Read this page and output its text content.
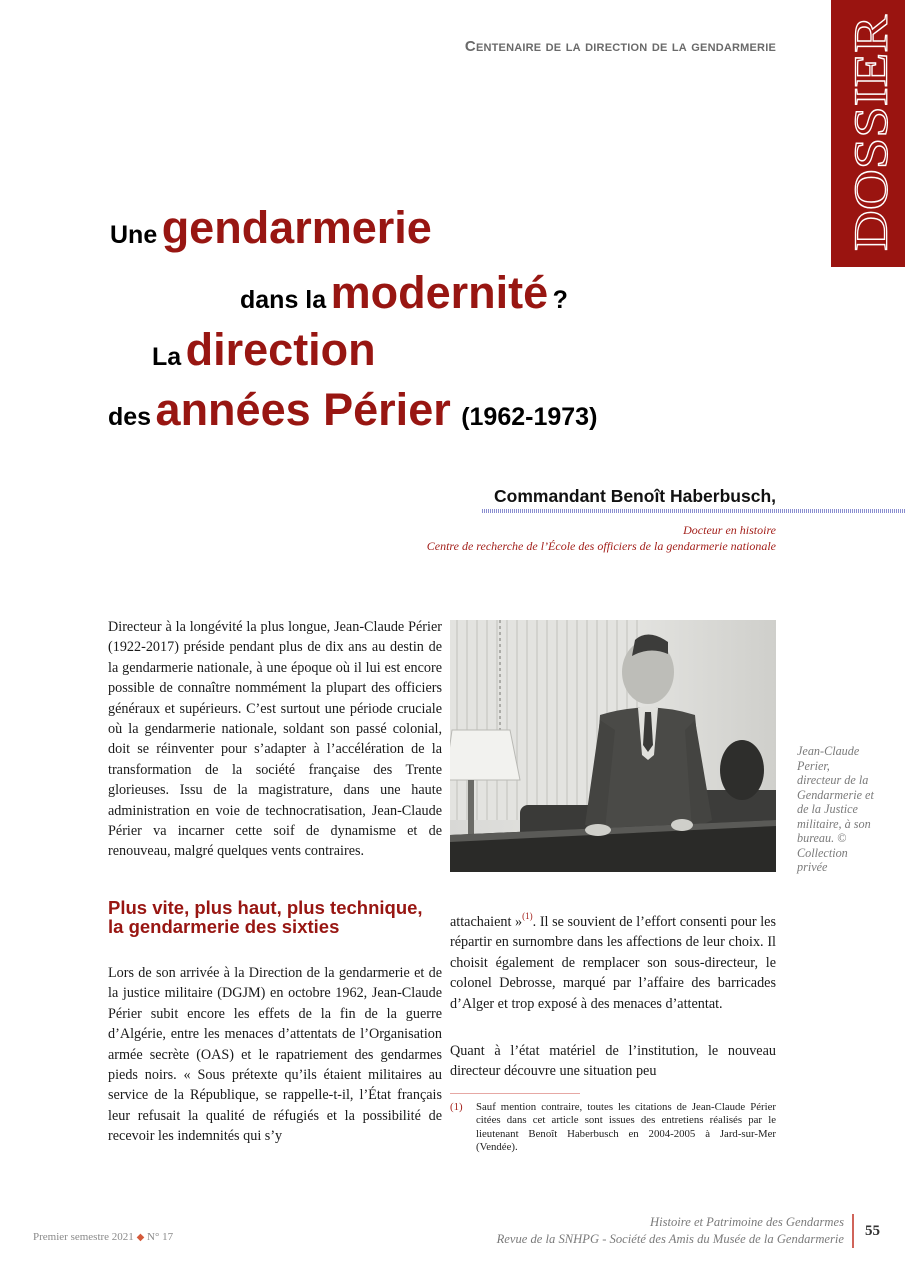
Centenaire de la direction de la gendarmerie
DOSSIER
Une gendarmerie
dans la modernité ?
La direction
des années Périer (1962-1973)
Commandant Benoît Haberbusch,
Docteur en histoire
Centre de recherche de l’École des officiers de la gendarmerie nationale

Directeur à la longévité la plus longue, Jean-Claude Périer (1922-2017) préside pendant plus de dix ans au destin de la gendarmerie nationale, à une époque où il lui est encore possible de connaître nommément la plupart des officiers généraux et supérieurs. C’est surtout une période cruciale où la gendarmerie nationale, soldant son passé colonial, doit se réinventer pour s’adapter à l’accélération de la transformation de la société française des Trente glorieuses. Issu de la magistrature, dans une haute administration en voie de technocratisation, Jean-Claude Périer va incarner cette soif de dynamisme et de renouveau, malgré quelques vents contraires.

Jean-Claude Perier, directeur de la Gendarmerie et de la Justice militaire, à son bureau. © Collection privée
Plus vite, plus haut, plus technique, la gendarmerie des sixties

Lors de son arrivée à la Direction de la gendarmerie et de la justice militaire (DGJM) en octobre 1962, Jean-Claude Périer subit encore les effets de la fin de la guerre d’Algérie, entre les menaces d’attentats de l’Organisation armée secrète (OAS) et le rapatriement des gendarmes pieds noirs. « Sous prétexte qu’ils étaient militaires au service de la République, se rappelle-t-il, l’État français leur refusait la qualité de réfugiés et la possibilité de recevoir les indemnités qui s’y

attachaient »$^{(1)}$. Il se souvient de l’effort consenti pour les répartir en surnombre dans les affections de leur choix. Il choisit également de remplacer son sous-directeur, le colonel Debrosse, marqué par l’affaire des barricades d’Alger et trop exposé à des menaces d’attentat.

Quant à l’état matériel de l’institution, le nouveau directeur découvre une situation peu

(1)	Sauf mention contraire, toutes les citations de Jean-Claude Périer citées dans cet article sont issues des entretiens réalisés par le lieutenant Benoît Haberbusch en 2004-2005 à Jard-sur-Mer (Vendée).
Premier semestre 2021 ◆ N° 17
Histoire et Patrimoine des Gendarmes
Revue de la SNHPG - Société des Amis du Musée de la Gendarmerie 55
